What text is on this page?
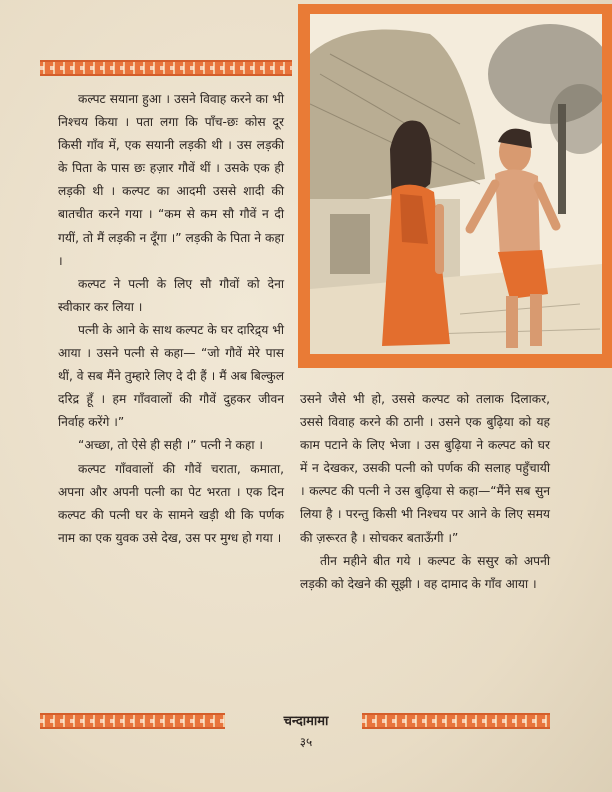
कल्पट सयाना हुआ । उसने विवाह करने का भी निश्चय किया । पता लगा कि पाँच-छः कोस दूर किसी गाँव में, एक सयानी लड़की थी । उस लड़की के पिता के पास छः हज़ार गौवें थीं । उसके एक ही लड़की थी । कल्पट का आदमी उससे शादी की बातचीत करने गया । “कम से कम सौ गौवें न दी गयीं, तो मैं लड़की न दूँगा ।” लड़की के पिता ने कहा ।

कल्पट ने पत्नी के लिए सौ गौवों को देना स्वीकार कर लिया ।

पत्नी के आने के साथ कल्पट के घर दारिद्र्य भी आया । उसने पत्नी से कहा— “जो गौवें मेरे पास थीं, वे सब मैंने तुम्हारे लिए दे दी हैं । मैं अब बिल्कुल दरिद्र हूँ । हम गाँववालों की गौवें दुहकर जीवन निर्वाह करेंगे ।”

“अच्छा, तो ऐसे ही सही ।” पत्नी ने कहा ।

कल्पट गाँववालों की गौवें चराता, कमाता, अपना और अपनी पत्नी का पेट भरता । एक दिन कल्पट की पत्नी घर के सामने खड़ी थी कि पर्णक नाम का एक युवक उसे देख, उस पर मुग्ध हो गया ।

उसने जैसे भी हो, उससे कल्पट को तलाक दिलाकर, उससे विवाह करने की ठानी । उसने एक बुढ़िया को यह काम पटाने के लिए भेजा । उस बुढ़िया ने कल्पट को घर में न देखकर, उसकी पत्नी को पर्णक की सलाह पहुँचायी । कल्पट की पत्नी ने उस बुढ़िया से कहा—“मैंने सब सुन लिया है । परन्तु किसी भी निश्चय पर आने के लिए समय की ज़रूरत है । सोचकर बताऊँगी ।”

तीन महीने बीत गये । कल्पट के ससुर को अपनी लड़की को देखने की सूझी । वह दामाद के गाँव आया ।

चन्दामामा
३५
